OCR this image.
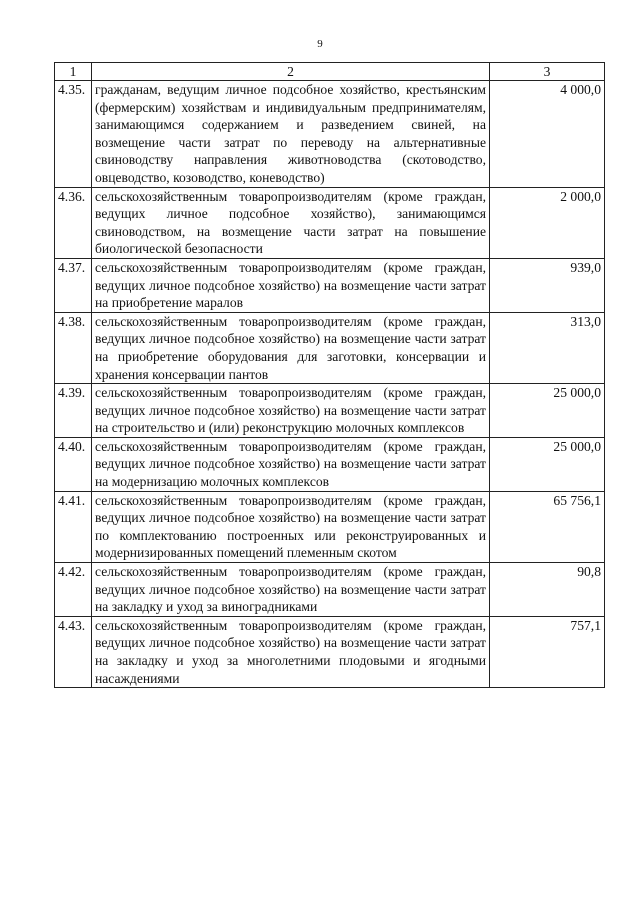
9
1	2	3
4.35.	гражданам, ведущим личное подсобное хозяйство, крестьянским (фермерским) хозяйствам и индивидуальным предпринимателям, занимающимся содержанием и разведением свиней, на возмещение части затрат по переводу на альтернативные свиноводству направления животноводства (скотоводство, овцеводство, козоводство, коневодство)	4 000,0
4.36.	сельскохозяйственным товаропроизводителям (кроме граждан, ведущих личное подсобное хозяйство), занимающимся свиноводством, на возмещение части затрат на повышение биологической безопасности	2 000,0
4.37.	сельскохозяйственным товаропроизводителям (кроме граждан, ведущих личное подсобное хозяйство) на возмещение части затрат на приобретение маралов	939,0
4.38.	сельскохозяйственным товаропроизводителям (кроме граждан, ведущих личное подсобное хозяйство) на возмещение части затрат на приобретение оборудования для заготовки, консервации и хранения консервации пантов	313,0
4.39.	сельскохозяйственным товаропроизводителям (кроме граждан, ведущих личное подсобное хозяйство) на возмещение части затрат на строительство и (или) реконструкцию молочных комплексов	25 000,0
4.40.	сельскохозяйственным товаропроизводителям (кроме граждан, ведущих личное подсобное хозяйство) на возмещение части затрат на модернизацию молочных комплексов	25 000,0
4.41.	сельскохозяйственным товаропроизводителям (кроме граждан, ведущих личное подсобное хозяйство) на возмещение части затрат по комплектованию построенных или реконструированных и модернизированных помещений племенным скотом	65 756,1
4.42.	сельскохозяйственным товаропроизводителям (кроме граждан, ведущих личное подсобное хозяйство) на возмещение части затрат на закладку и уход за виноградниками	90,8
4.43.	сельскохозяйственным товаропроизводителям (кроме граждан, ведущих личное подсобное хозяйство) на возмещение части затрат на закладку и уход за многолетними плодовыми и ягодными насаждениями	757,1
